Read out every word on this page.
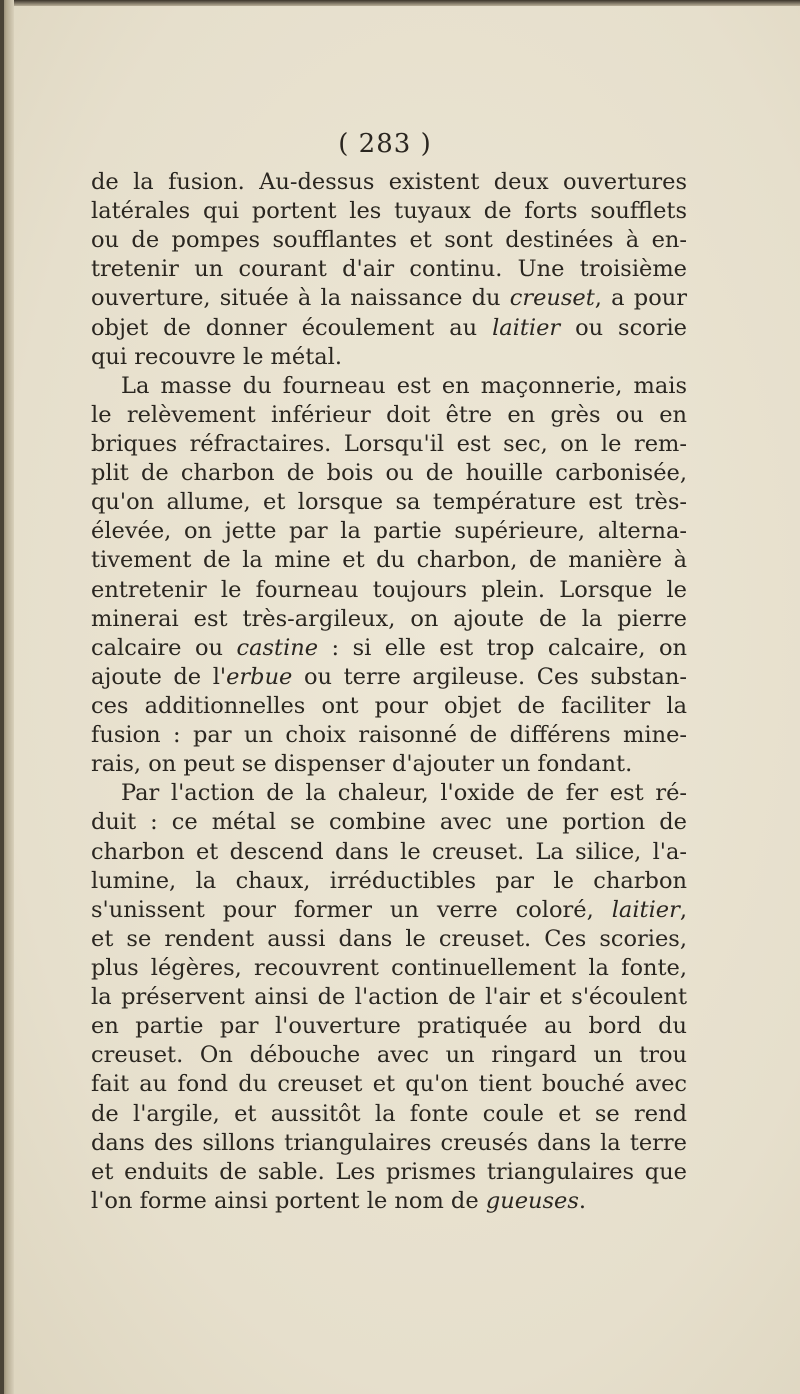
( 283 )
de la fusion. Au-dessus existent deux ouvertures
latérales qui portent les tuyaux de forts soufflets
ou de pompes soufflantes et sont destinées à en-
tretenir un courant d'air continu. Une troisième
ouverture, située à la naissance du creuset, a pour
objet de donner écoulement au laitier ou scorie
qui recouvre le métal.
La masse du fourneau est en maçonnerie, mais
le relèvement inférieur doit être en grès ou en
briques réfractaires. Lorsqu'il est sec, on le rem-
plit de charbon de bois ou de houille carbonisée,
qu'on allume, et lorsque sa température est très-
élevée, on jette par la partie supérieure, alterna-
tivement de la mine et du charbon, de manière à
entretenir le fourneau toujours plein. Lorsque le
minerai est très-argileux, on ajoute de la pierre
calcaire ou castine : si elle est trop calcaire, on
ajoute de l'erbue ou terre argileuse. Ces substan-
ces additionnelles ont pour objet de faciliter la
fusion : par un choix raisonné de différens mine-
rais, on peut se dispenser d'ajouter un fondant.
Par l'action de la chaleur, l'oxide de fer est ré-
duit : ce métal se combine avec une portion de
charbon et descend dans le creuset. La silice, l'a-
lumine, la chaux, irréductibles par le charbon
s'unissent pour former un verre coloré, laitier,
et se rendent aussi dans le creuset. Ces scories,
plus légères, recouvrent continuellement la fonte,
la préservent ainsi de l'action de l'air et s'écoulent
en partie par l'ouverture pratiquée au bord du
creuset. On débouche avec un ringard un trou
fait au fond du creuset et qu'on tient bouché avec
de l'argile, et aussitôt la fonte coule et se rend
dans des sillons triangulaires creusés dans la terre
et enduits de sable. Les prismes triangulaires que
l'on forme ainsi portent le nom de gueuses.
